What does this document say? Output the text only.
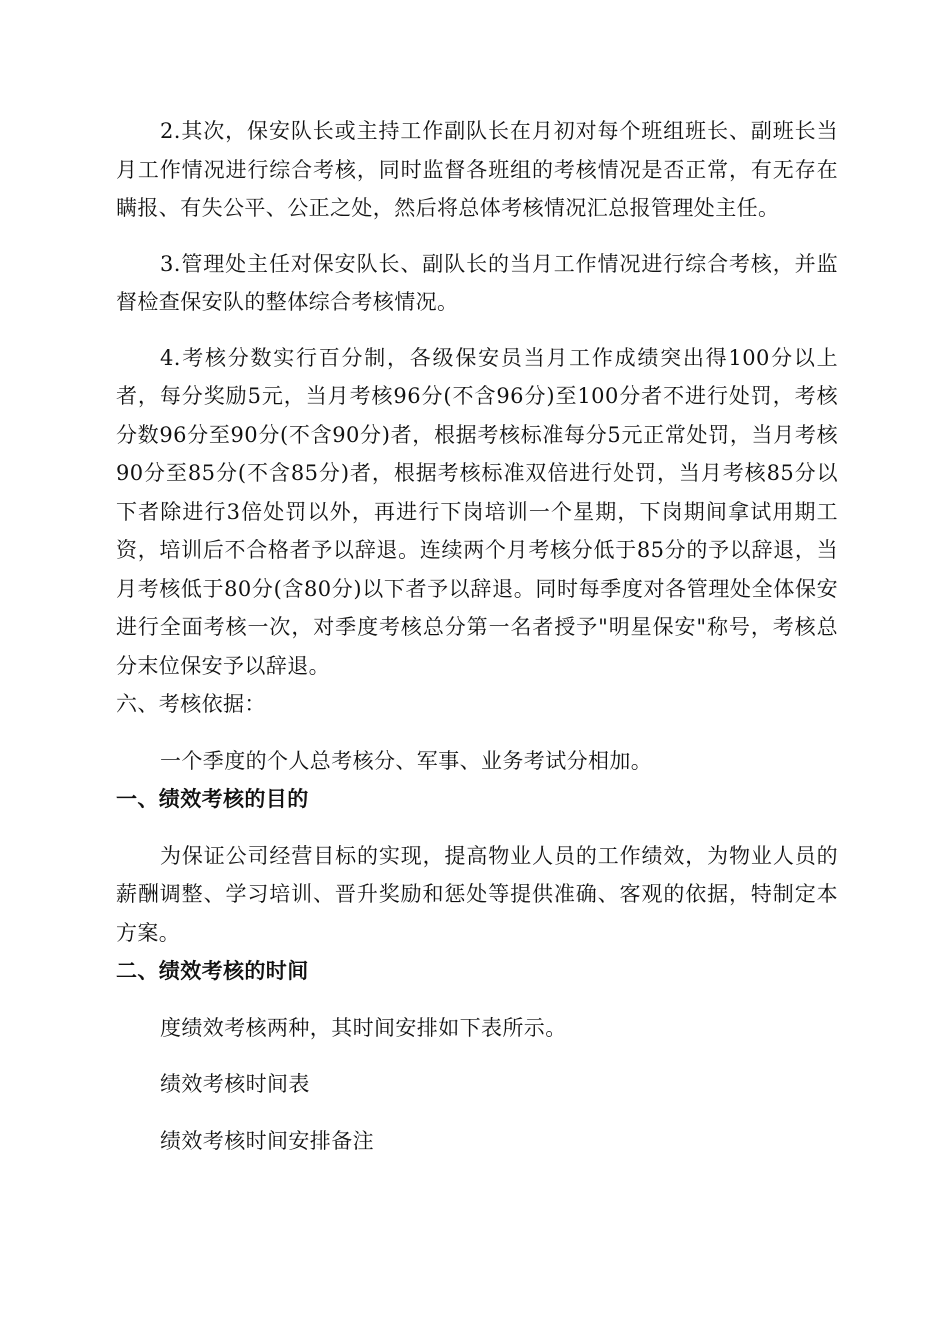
2.其次，保安队长或主持工作副队长在月初对每个班组班长、副班长当月工作情况进行综合考核，同时监督各班组的考核情况是否正常，有无存在瞒报、有失公平、公正之处，然后将总体考核情况汇总报管理处主任。

3.管理处主任对保安队长、副队长的当月工作情况进行综合考核，并监督检查保安队的整体综合考核情况。

4.考核分数实行百分制，各级保安员当月工作成绩突出得100分以上者，每分奖励5元，当月考核96分(不含96分)至100分者不进行处罚，考核分数96分至90分(不含90分)者，根据考核标准每分5元正常处罚，当月考核90分至85分(不含85分)者，根据考核标准双倍进行处罚，当月考核85分以下者除进行3倍处罚以外，再进行下岗培训一个星期，下岗期间拿试用期工资，培训后不合格者予以辞退。连续两个月考核分低于85分的予以辞退，当月考核低于80分(含80分)以下者予以辞退。同时每季度对各管理处全体保安进行全面考核一次，对季度考核总分第一名者授予"明星保安"称号，考核总分末位保安予以辞退。

六、考核依据：

一个季度的个人总考核分、军事、业务考试分相加。

一、绩效考核的目的

为保证公司经营目标的实现，提高物业人员的工作绩效，为物业人员的薪酬调整、学习培训、晋升奖励和惩处等提供准确、客观的依据，特制定本方案。

二、绩效考核的时间

度绩效考核两种，其时间安排如下表所示。

绩效考核时间表

绩效考核时间安排备注
